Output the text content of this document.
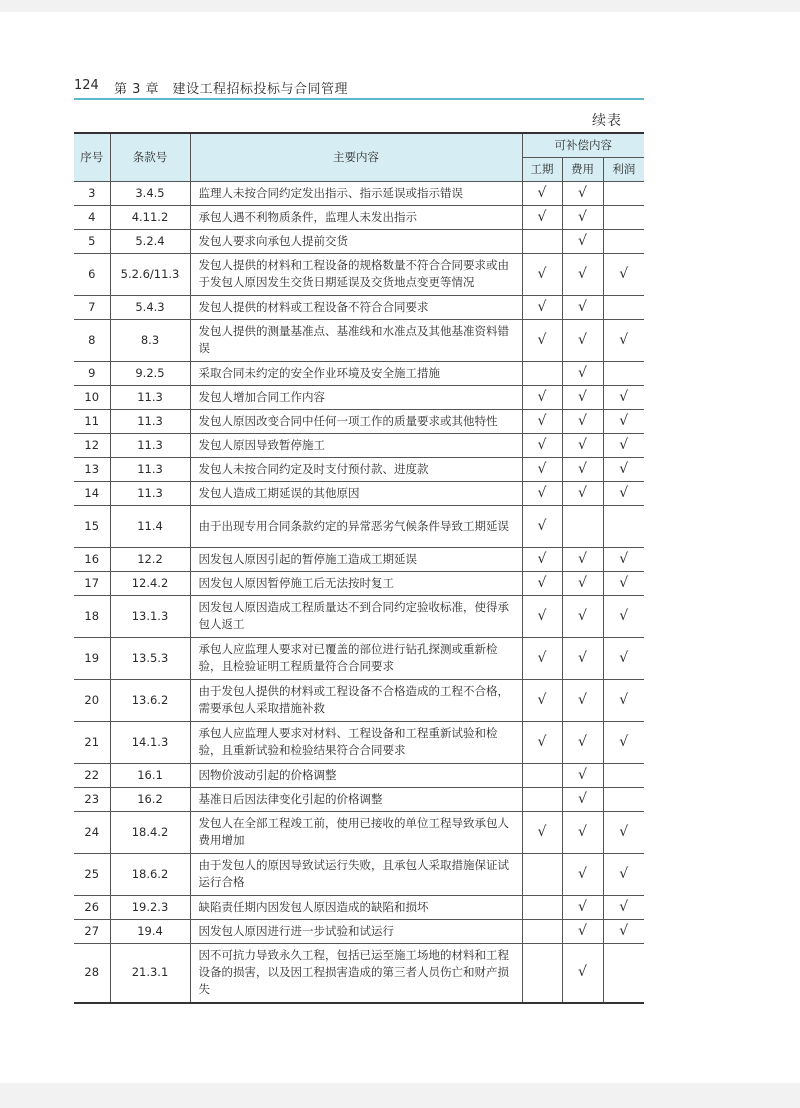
124 第 3 章　建设工程招标投标与合同管理
续表
序号	条款号	主要内容	可补偿内容		
			工期	费用	利润
3	3.4.5	监理人未按合同约定发出指示、指示延误或指示错误	√	√	
4	4.11.2	承包人遇不利物质条件，监理人未发出指示	√	√	
5	5.2.4	发包人要求向承包人提前交货		√	
6	5.2.6/11.3	发包人提供的材料和工程设备的规格数量不符合合同要求或由于发包人原因发生交货日期延误及交货地点变更等情况	√	√	√
7	5.4.3	发包人提供的材料或工程设备不符合合同要求	√	√	
8	8.3	发包人提供的测量基准点、基准线和水准点及其他基准资料错误	√	√	√
9	9.2.5	采取合同未约定的安全作业环境及安全施工措施		√	
10	11.3	发包人增加合同工作内容	√	√	√
11	11.3	发包人原因改变合同中任何一项工作的质量要求或其他特性	√	√	√
12	11.3	发包人原因导致暂停施工	√	√	√
13	11.3	发包人未按合同约定及时支付预付款、进度款	√	√	√
14	11.3	发包人造成工期延误的其他原因	√	√	√
15	11.4	由于出现专用合同条款约定的异常恶劣气候条件导致工期延误	√		
16	12.2	因发包人原因引起的暂停施工造成工期延误	√	√	√
17	12.4.2	因发包人原因暂停施工后无法按时复工	√	√	√
18	13.1.3	因发包人原因造成工程质量达不到合同约定验收标准，使得承包人返工	√	√	√
19	13.5.3	承包人应监理人要求对已覆盖的部位进行钻孔探测或重新检验，且检验证明工程质量符合合同要求	√	√	√
20	13.6.2	由于发包人提供的材料或工程设备不合格造成的工程不合格，需要承包人采取措施补救	√	√	√
21	14.1.3	承包人应监理人要求对材料、工程设备和工程重新试验和检验，且重新试验和检验结果符合合同要求	√	√	√
22	16.1	因物价波动引起的价格调整		√	
23	16.2	基准日后因法律变化引起的价格调整		√	
24	18.4.2	发包人在全部工程竣工前，使用已接收的单位工程导致承包人费用增加	√	√	√
25	18.6.2	由于发包人的原因导致试运行失败，且承包人采取措施保证试运行合格		√	√
26	19.2.3	缺陷责任期内因发包人原因造成的缺陷和损坏		√	√
27	19.4	因发包人原因进行进一步试验和试运行		√	√
28	21.3.1	因不可抗力导致永久工程，包括已运至施工场地的材料和工程设备的损害，以及因工程损害造成的第三者人员伤亡和财产损失		√	
